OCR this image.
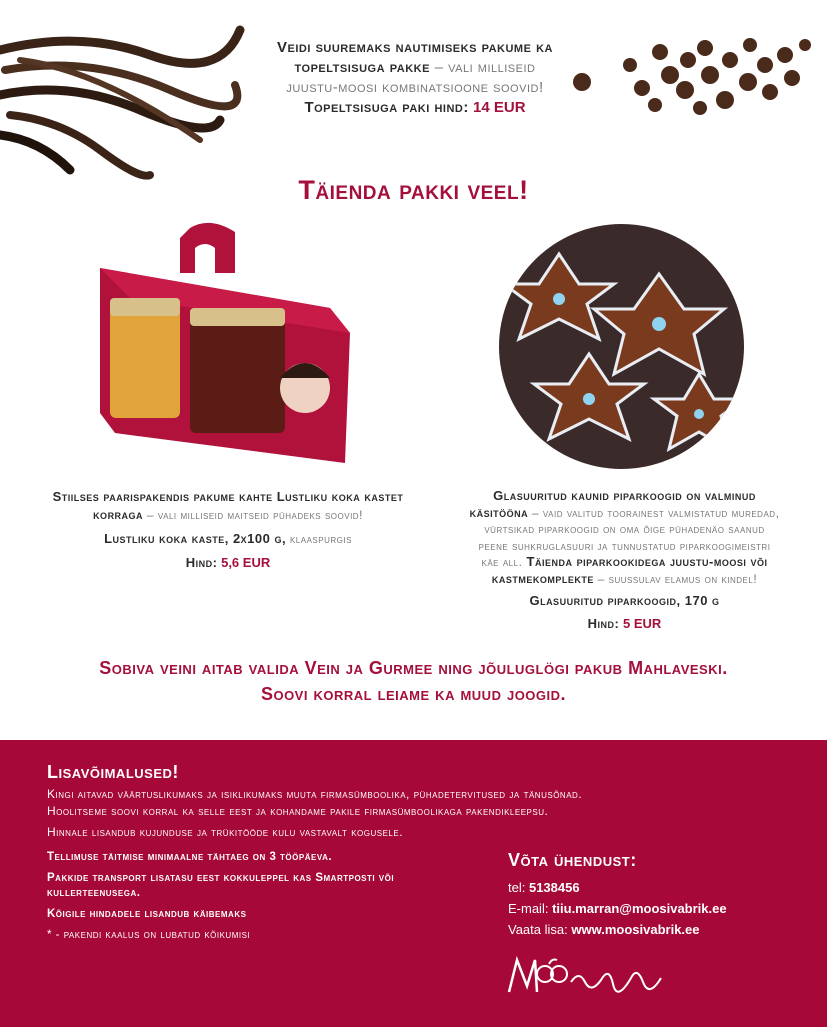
Veidi suuremaks nautimiseks pakume ka
topeltsisuga pakke – vali milliseid
juustu-moosi kombinatsioone soovid!
Topeltsisuga paki hind: 14 EUR
Täienda pakki veel!

Stiilses paarispakendis pakume kahte Lustliku koka kastet korraga – vali milliseid maitseid pühadeks soovid!

Lustliku koka kaste, 2x100 g, klaaspurgis

Hind: 5,6 EUR

Glasuuritud kaunid piparkoogid on valminud
käsitööna – vaid valitud toorainest valmistatud muredad,
vürtsikad piparkoogid on oma õige pühadenäo saanud
peene suhkruglasuuri ja tunnustatud piparkoogimeistri
käe all. Täienda piparkookidega juustu-moosi või
kastmekomplekte – suussulav elamus on kindel!
Glasuuritud piparkoogid, 170 g
Hind: 5 EUR
Sobiva veini aitab valida Vein ja Gurmee ning jõuluglögi pakub Mahlaveski.
Soovi korral leiame ka muud joogid.
Lisavõimalused!
Kingi aitavad väärtuslikumaks ja isiklikumaks muuta firmasümboolika, pühadetervitused ja tänusõnad.
Hoolitseme soovi korral ka selle eest ja kohandame pakile firmasümboolikaga pakendikleepsu.
Hinnale lisandub kujunduse ja trükitööde kulu vastavalt kogusele.
Tellimuse täitmise minimaalne tähtaeg on 3 tööpäeva.
Pakkide transport lisatasu eest kokkuleppel kas Smartposti või kullerteenusega.
Kõigile hindadele lisandub käibemaks
* - pakendi kaalus on lubatud kõikumisi
Võta ühendust:
tel: 5138456
E-mail: tiiu.marran@moosivabrik.ee
Vaata lisa: www.moosivabrik.ee
